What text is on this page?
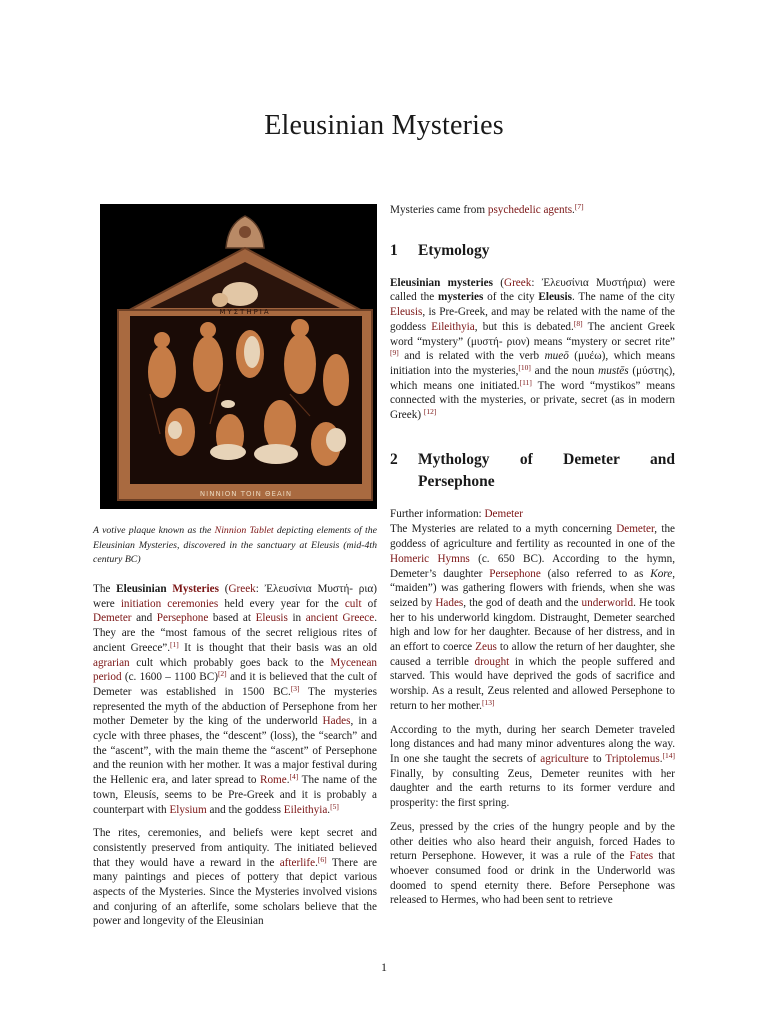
Eleusinian Mysteries
ΜΥΣΤΗΡΙΑ
ΝΙΝΝΙΟΝ ΤΟΙΝ ΘΕΑΙΝ
A votive plaque known as the Ninnion Tablet depicting elements of the Eleusinian Mysteries, discovered in the sanctuary at Eleusis (mid-4th century BC)

The Eleusinian Mysteries (Greek: Ἐλευσίνια Μυστή- ρια) were initiation ceremonies held every year for the cult of Demeter and Persephone based at Eleusis in ancient Greece. They are the “most famous of the secret religious rites of ancient Greece”.[1] It is thought that their basis was an old agrarian cult which probably goes back to the Mycenean period (c. 1600 – 1100 BC)[2] and it is believed that the cult of Demeter was established in 1500 BC.[3] The mysteries represented the myth of the abduction of Persephone from her mother Demeter by the king of the underworld Hades, in a cycle with three phases, the “descent” (loss), the “search” and the “ascent”, with the main theme the “ascent” of Persephone and the reunion with her mother. It was a major festival during the Hellenic era, and later spread to Rome.[4] The name of the town, Eleusís, seems to be Pre-Greek and it is probably a counterpart with Elysium and the goddess Eileithyia.[5]

The rites, ceremonies, and beliefs were kept secret and consistently preserved from antiquity. The initiated believed that they would have a reward in the afterlife.[6] There are many paintings and pieces of pottery that depict various aspects of the Mysteries. Since the Mysteries involved visions and conjuring of an afterlife, some scholars believe that the power and longevity of the Eleusinian

Mysteries came from psychedelic agents.[7]

1	Etymology

Eleusinian mysteries (Greek: Ἐλευσίνια Μυστήρια) were called the mysteries of the city Eleusis. The name of the city Eleusis, is Pre-Greek, and may be related with the name of the goddess Eileithyia, but this is debated.[8] The ancient Greek word “mystery” (μυστή- ριον) means “mystery or secret rite” [9] and is related with the verb mueō (μυέω), which means initiation into the mysteries,[10] and the noun mustēs (μύστης), which means one initiated.[11] The word “mystikos” means connected with the mysteries, or private, secret (as in modern Greek) [12]

2	Mythology of Demeter and Persephone

Further information: Demeter

The Mysteries are related to a myth concerning Demeter, the goddess of agriculture and fertility as recounted in one of the Homeric Hymns (c. 650 BC). According to the hymn, Demeter’s daughter Persephone (also referred to as Kore, “maiden”) was gathering flowers with friends, when she was seized by Hades, the god of death and the underworld. He took her to his underworld kingdom. Distraught, Demeter searched high and low for her daughter. Because of her distress, and in an effort to coerce Zeus to allow the return of her daughter, she caused a terrible drought in which the people suffered and starved. This would have deprived the gods of sacrifice and worship. As a result, Zeus relented and allowed Persephone to return to her mother.[13]

According to the myth, during her search Demeter traveled long distances and had many minor adventures along the way. In one she taught the secrets of agriculture to Triptolemus.[14] Finally, by consulting Zeus, Demeter reunites with her daughter and the earth returns to its former verdure and prosperity: the first spring.

Zeus, pressed by the cries of the hungry people and by the other deities who also heard their anguish, forced Hades to return Persephone. However, it was a rule of the Fates that whoever consumed food or drink in the Underworld was doomed to spend eternity there. Before Persephone was released to Hermes, who had been sent to retrieve

1
